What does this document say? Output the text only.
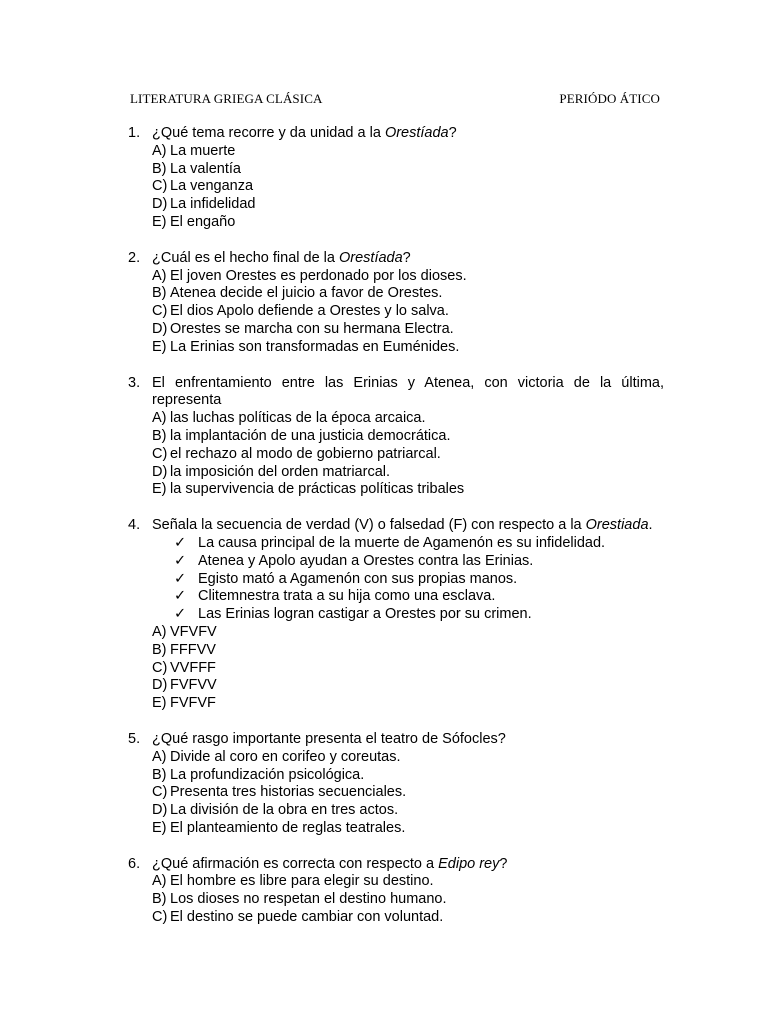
LITERATURA GRIEGA CLÁSICA	PERIÓDO ÁTICO
1. ¿Qué tema recorre y da unidad a la Orestíada?
A) La muerte
B) La valentía
C) La venganza
D) La infidelidad
E) El engaño
2. ¿Cuál es el hecho final de la Orestíada?
A) El joven Orestes es perdonado por los dioses.
B) Atenea decide el juicio a favor de Orestes.
C) El dios Apolo defiende a Orestes y lo salva.
D) Orestes se marcha con su hermana Electra.
E) La Erinias son transformadas en Euménides.
3. El enfrentamiento entre las Erinias y Atenea, con victoria de la última,
representa
A) las luchas políticas de la época arcaica.
B) la implantación de una justicia democrática.
C) el rechazo al modo de gobierno patriarcal.
D) la imposición del orden matriarcal.
E) la supervivencia de prácticas políticas tribales
4. Señala la secuencia de verdad (V) o falsedad (F) con respecto a la Orestiada.
✓ La causa principal de la muerte de Agamenón es su infidelidad.
✓ Atenea y Apolo ayudan a Orestes contra las Erinias.
✓ Egisto mató a Agamenón con sus propias manos.
✓ Clitemnestra trata a su hija como una esclava.
✓ Las Erinias logran castigar a Orestes por su crimen.
A) VFVFV
B) FFFVV
C) VVFFF
D) FVFVV
E) FVFVF
5. ¿Qué rasgo importante presenta el teatro de Sófocles?
A) Divide al coro en corifeo y coreutas.
B) La profundización psicológica.
C) Presenta tres historias secuenciales.
D) La división de la obra en tres actos.
E) El planteamiento de reglas teatrales.
6. ¿Qué afirmación es correcta con respecto a Edipo rey?
A) El hombre es libre para elegir su destino.
B) Los dioses no respetan el destino humano.
C) El destino se puede cambiar con voluntad.
